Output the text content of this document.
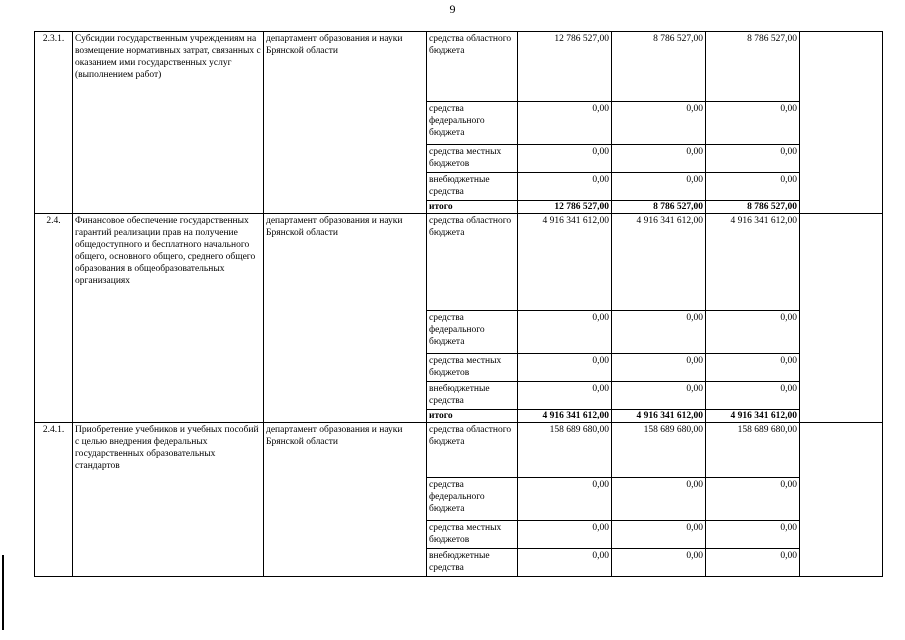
9
2.3.1.	Субсидии государственным учреждениям на возмещение нормативных затрат, связанных с оказанием ими государственных услуг (выполнением работ)	департамент образования и науки Брянской области	средства областного бюджета	12 786 527,00	8 786 527,00	8 786 527,00	
			средства федерального бюджета	0,00	0,00	0,00	
			средства местных бюджетов	0,00	0,00	0,00	
			внебюджетные средства	0,00	0,00	0,00	
			итого	12 786 527,00	8 786 527,00	8 786 527,00	
2.4.	Финансовое обеспечение государственных гарантий реализации прав на получение общедоступного и бесплатного начального общего, основного общего, среднего общего образования в общеобразовательных организациях	департамент образования и науки Брянской области	средства областного бюджета	4 916 341 612,00	4 916 341 612,00	4 916 341 612,00	
			средства федерального бюджета	0,00	0,00	0,00	
			средства местных бюджетов	0,00	0,00	0,00	
			внебюджетные средства	0,00	0,00	0,00	
			итого	4 916 341 612,00	4 916 341 612,00	4 916 341 612,00	
2.4.1.	Приобретение учебников и учебных пособий с целью внедрения федеральных государственных образовательных стандартов	департамент образования и науки Брянской области	средства областного бюджета	158 689 680,00	158 689 680,00	158 689 680,00	
			средства федерального бюджета	0,00	0,00	0,00	
			средства местных бюджетов	0,00	0,00	0,00	
			внебюджетные средства	0,00	0,00	0,00	
